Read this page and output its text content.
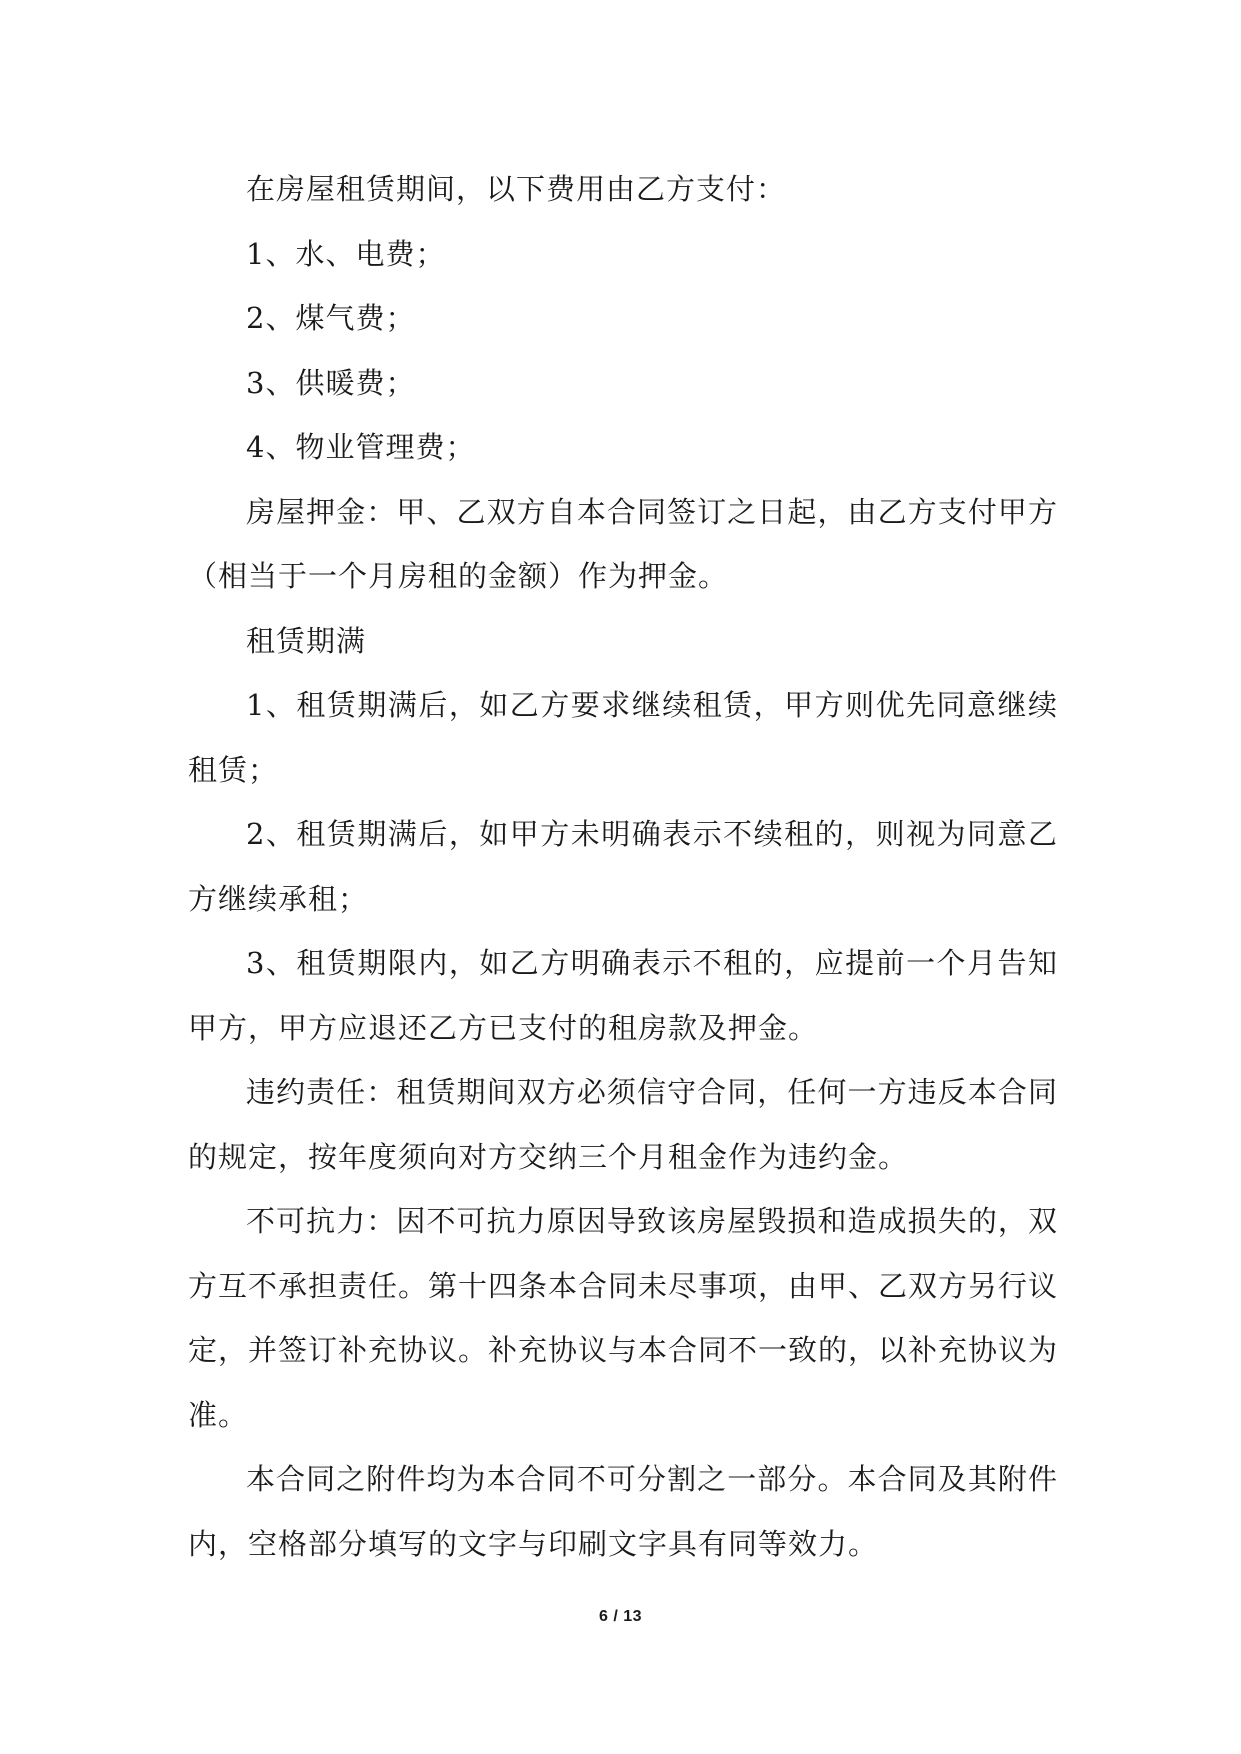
在房屋租赁期间，以下费用由乙方支付：

1、水、电费；

2、煤气费；

3、供暖费；

4、物业管理费；

房屋押金：甲、乙双方自本合同签订之日起，由乙方支付甲方（相当于一个月房租的金额）作为押金。

租赁期满

1、租赁期满后，如乙方要求继续租赁，甲方则优先同意继续租赁；

2、租赁期满后，如甲方未明确表示不续租的，则视为同意乙方继续承租；

3、租赁期限内，如乙方明确表示不租的，应提前一个月告知甲方，甲方应退还乙方已支付的租房款及押金。

违约责任：租赁期间双方必须信守合同，任何一方违反本合同的规定，按年度须向对方交纳三个月租金作为违约金。

不可抗力：因不可抗力原因导致该房屋毁损和造成损失的，双方互不承担责任。第十四条本合同未尽事项，由甲、乙双方另行议定，并签订补充协议。补充协议与本合同不一致的，以补充协议为准。

本合同之附件均为本合同不可分割之一部分。本合同及其附件内，空格部分填写的文字与印刷文字具有同等效力。

6 / 13
